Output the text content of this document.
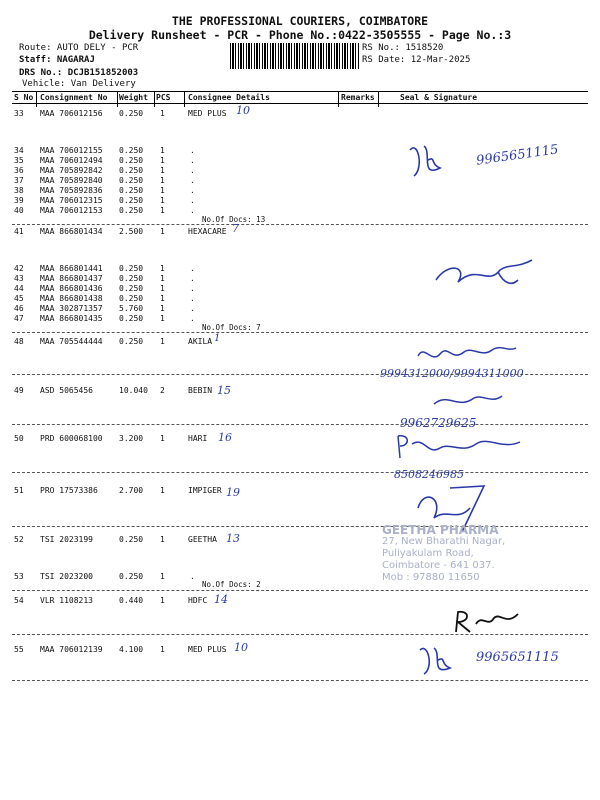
THE PROFESSIONAL COURIERS, COIMBATORE
Delivery Runsheet - PCR - Phone No.:0422-3505555 - Page No.:3
Route: AUTO DELY - PCR
Staff: NAGARAJ
DRS No.: DCJB151852003
Vehicle: Van Delivery
RS No.: 1518520
RS Date: 12-Mar-2025
S No Consignment No Weight PCS Consignee Details	Remarks	Seal & Signature
33 MAA 706012156 0.250 1	MED PLUS
34 MAA 706012155 0.250 1	.
35 MAA 706012494 0.250 1	.
36 MAA 705892842 0.250 1	.
37 MAA 705892840 0.250 1	.
38 MAA 705892836 0.250 1	.
39 MAA 706012315 0.250 1	.
40 MAA 706012153 0.250 1	.
No.Of Docs: 13
41 MAA 866801434 2.500 1	HEXACARE
42 MAA 866801441 0.250 1	.
43 MAA 866801437 0.250 1	.
44 MAA 866801436 0.250 1	.
45 MAA 866801438 0.250 1	.
46 MAA 302871357 5.760 1	.
47 MAA 866801435 0.250 1	.
No.Of Docs: 7
48 MAA 705544444 0.250 1	AKILA
49 ASD 5065456	10.040 2	BEBIN
50 PRD 600068100 3.200 1	HARI
51 PRO 17573386	2.700 1	IMPIGER
52 TSI 2023199	0.250 1	GEETHA
53 TSI 2023200	0.250 1	.
No.Of Docs: 2
54 VLR 1108213	0.440 1	HDFC
55 MAA 706012139 4.100 1	MED PLUS
10
7
1
15
16
19
13
14
10
9965651115
9994312000/9994311000
9962729625
8508246985
GEETHA PHARMA
27, New Bharathi Nagar,
Puliyakulam Road,
Coimbatore - 641 037.
Mob : 97880 11650
9965651115
